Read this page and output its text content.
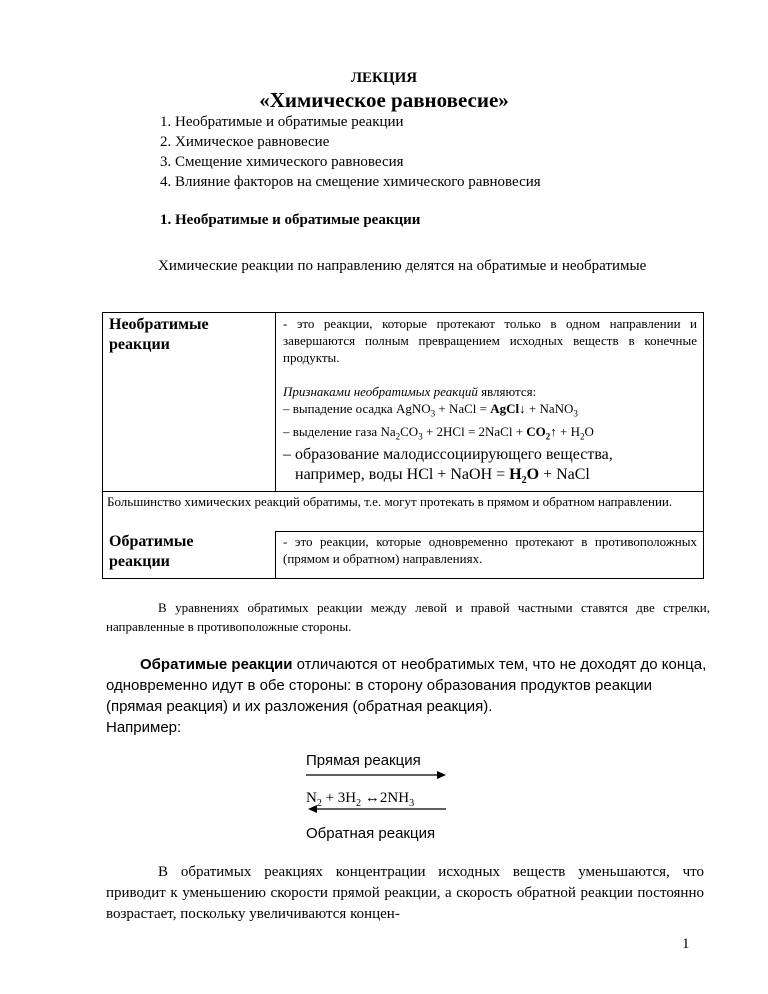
ЛЕКЦИЯ
«Химическое равновесие»
1. Необратимые и обратимые реакции
2. Химическое равновесие
3. Смещение химического равновесия
4. Влияние факторов на смещение химического равновесия
1. Необратимые и обратимые реакции
Химические реакции по направлению делятся на обратимые и необратимые
Необратимые
реакции
- это реакции, которые протекают только в одном направлении и завершаются полным превращением исходных веществ в конечные продукты.
Признаками необратимых реакций являются:
– выпадение осадка AgNO$_3$ + NaCl = AgCl↓ + NaNO$_3$
– выделение газа $Na_2CO_3 + 2HCl$ = 2NaCl + $CO_2↑ + H_2O$
– образование малодиссоциирующего вещества,
например, воды HCl + NaOH = $H_2O$ + NaCl
Большинство химических реакций обратимы, т.е. могут протекать в прямом и обратном направлении.
Обратимые
реакции
- это реакции, которые одновременно протекают в противоположных (прямом и обратном) направлениях.
В уравнениях обратимых реакции между левой и правой частными ставятся две стрелки, направленные в противоположные стороны.
Обратимые реакции отличаются от необратимых тем, что не доходят до конца, одновременно идут в обе стороны: в сторону образования продуктов реакции (прямая реакция) и их разложения (обратная реакция).
Например:
Прямая реакция
$N_2 + 3H_2$ $\leftrightarrow 2NH_3$
Обратная реакция
В обратимых реакциях концентрации исходных веществ уменьшаются, что приводит к уменьшению скорости прямой реакции, а скорость обратной реакции постоянно возрастает, поскольку увеличиваются концен-
1
